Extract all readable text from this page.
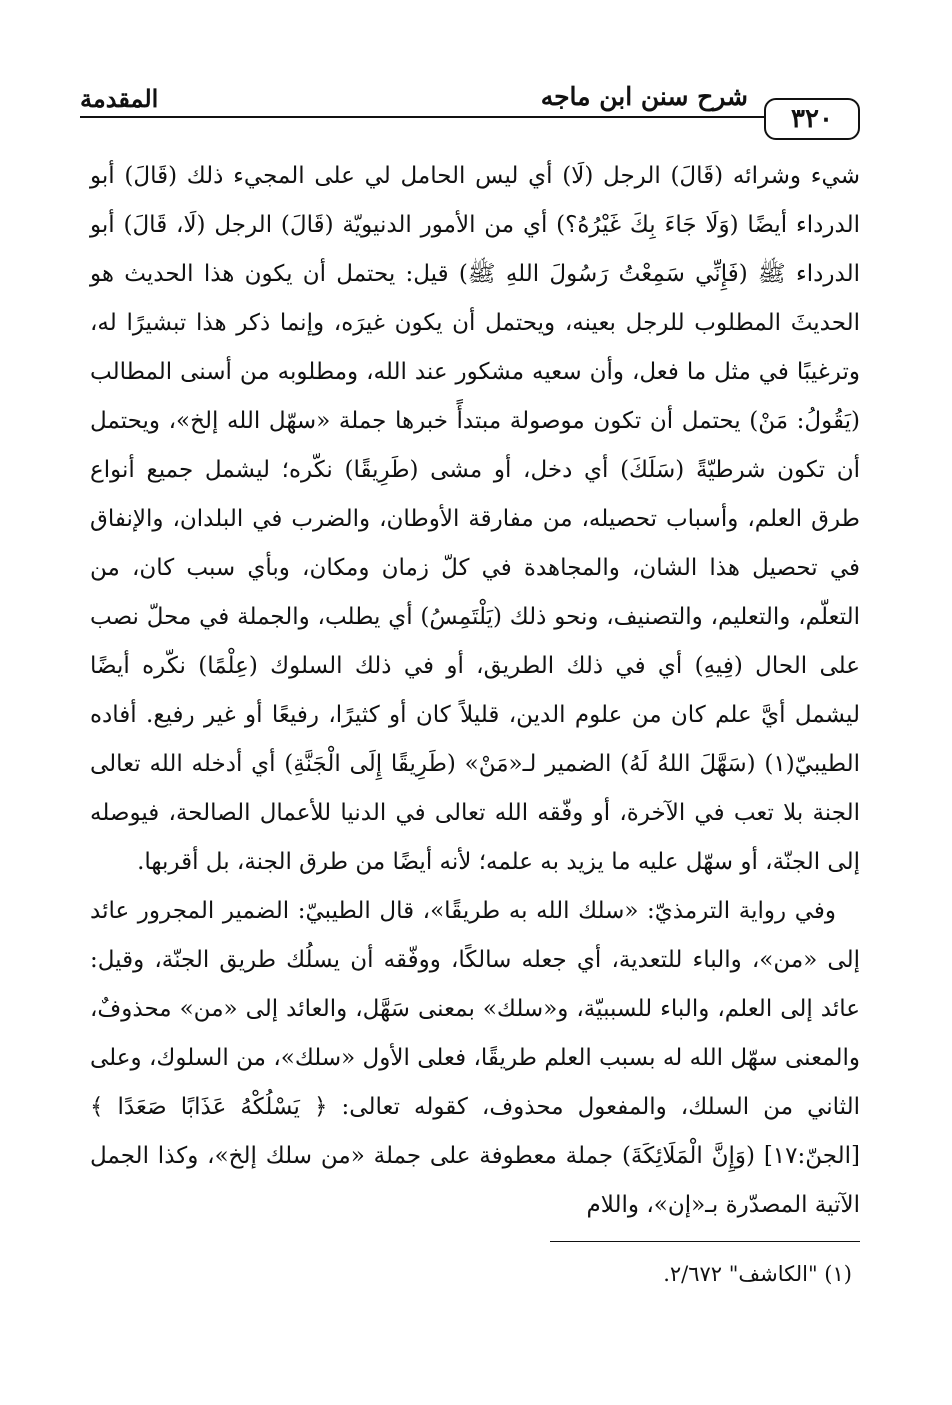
٣٢٠
شرح سنن ابن ماجه
المقدمة

شيء وشرائه (قَالَ) الرجل (لَا) أي ليس الحامل لي على المجيء ذلك (قَالَ) أبو الدرداء أيضًا (وَلَا جَاءَ بِكَ غَيْرُهُ؟) أي من الأمور الدنيويّة (قَالَ) الرجل (لَا، قَالَ) أبو الدرداء ﷺ (فَإِنِّي سَمِعْتُ رَسُولَ اللهِ ﷺ) قيل: يحتمل أن يكون هذا الحديث هو الحديثَ المطلوب للرجل بعينه، ويحتمل أن يكون غيرَه، وإنما ذكر هذا تبشيرًا له، وترغيبًا في مثل ما فعل، وأن سعيه مشكور عند الله، ومطلوبه من أسنى المطالب (يَقُولُ: مَنْ) يحتمل أن تكون موصولة مبتدأً خبرها جملة «سهّل الله إلخ»، ويحتمل أن تكون شرطيّةً (سَلَكَ) أي دخل، أو مشى (طَرِيقًا) نكّره؛ ليشمل جميع أنواع طرق العلم، وأسباب تحصيله، من مفارقة الأوطان، والضرب في البلدان، والإنفاق في تحصيل هذا الشان، والمجاهدة في كلّ زمان ومكان، وبأي سبب كان، من التعلّم، والتعليم، والتصنيف، ونحو ذلك (يَلْتَمِسُ) أي يطلب، والجملة في محلّ نصب على الحال (فِيهِ) أي في ذلك الطريق، أو في ذلك السلوك (عِلْمًا) نكّره أيضًا ليشمل أيَّ علم كان من علوم الدين، قليلاً كان أو كثيرًا، رفيعًا أو غير رفيع. أفاده الطيبيّ(١) (سَهَّلَ اللهُ لَهُ) الضمير لـ«مَنْ» (طَرِيقًا إِلَى الْجَنَّةِ) أي أدخله الله تعالى الجنة بلا تعب في الآخرة، أو وفّقه الله تعالى في الدنيا للأعمال الصالحة، فيوصله إلى الجنّة، أو سهّل عليه ما يزيد به علمه؛ لأنه أيضًا من طرق الجنة، بل أقربها.

وفي رواية الترمذيّ: «سلك الله به طريقًا»، قال الطيبيّ: الضمير المجرور عائد إلى «من»، والباء للتعدية، أي جعله سالكًا، ووفّقه أن يسلُك طريق الجنّة، وقيل: عائد إلى العلم، والباء للسببيّة، و«سلك» بمعنى سَهَّل، والعائد إلى «من» محذوفٌ، والمعنى سهّل الله له بسبب العلم طريقًا، فعلى الأول «سلك»، من السلوك، وعلى الثاني من السلك، والمفعول محذوف، كقوله تعالى: ﴿ يَسْلُكْهُ عَذَابًا صَعَدًا ﴾ [الجنّ:١٧] (وَإِنَّ الْمَلَائِكَةَ) جملة معطوفة على جملة «من سلك إلخ»، وكذا الجمل الآتية المصدّرة بـ«إن»، واللام

(١) "الكاشف" ٢/٦٧٢.
